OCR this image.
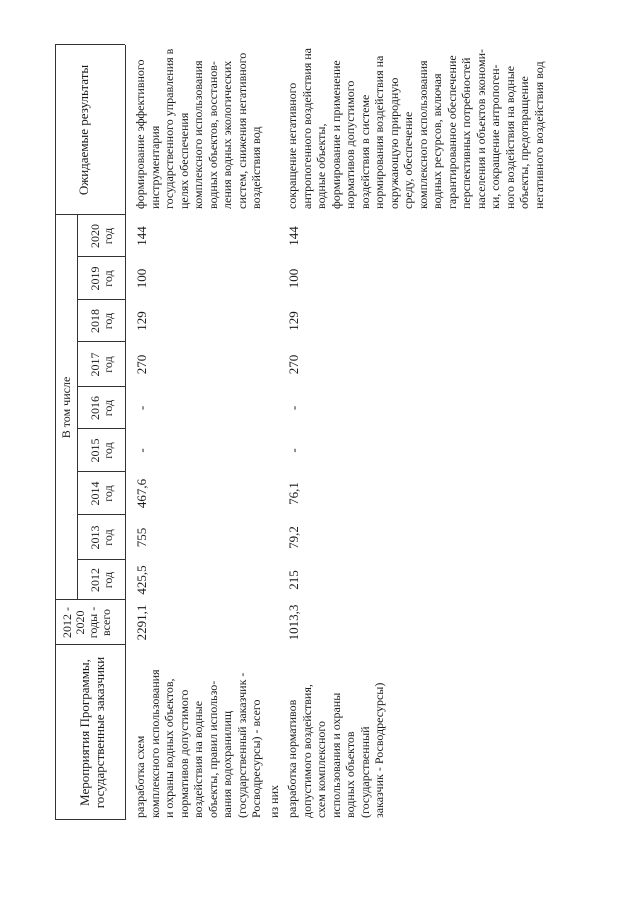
Мероприятия Программы, государственные заказчики
2012 - 2020 годы - всего
В том числе
2012
год
2013
год
2014
год
2015
год
2016
год
2017
год
2018
год
2019
год
2020
год
Ожидаемые результаты
разработка схем
комплексного использования
и охраны водных объектов,
нормативов допустимого
воздействия на водные
объекты, правил использо-
вания водохранилищ
(государственный заказчик -
Росводресурсы) - всего
2291,1
425,5
755
467,6
-
-
270
129
100
144
формирование эффективного
инструментария
государственного управления в
целях обеспечения
комплексного использования
водных объектов, восстанов-
ления водных экологических
систем, снижения негативного
воздействия вод
из них разработка нормативов
допустимого воздействия,
схем комплексного
использования и охраны
водных объектов
(государственный
заказчик - Росводресурсы)
1013,3
215
79,2
76,1
-
-
270
129
100
144
сокращение негативного
антропогенного воздействия на
водные объекты,
формирование и применение
нормативов допустимого
воздействия в системе
нормирования воздействия на
окружающую природную
среду, обеспечение
комплексного использования
водных ресурсов, включая
гарантированное обеспечение
перспективных потребностей
населения и объектов экономи-
ки, сокращение антропоген-
ного воздействия на водные
объекты, предотвращение
негативного воздействия вод
